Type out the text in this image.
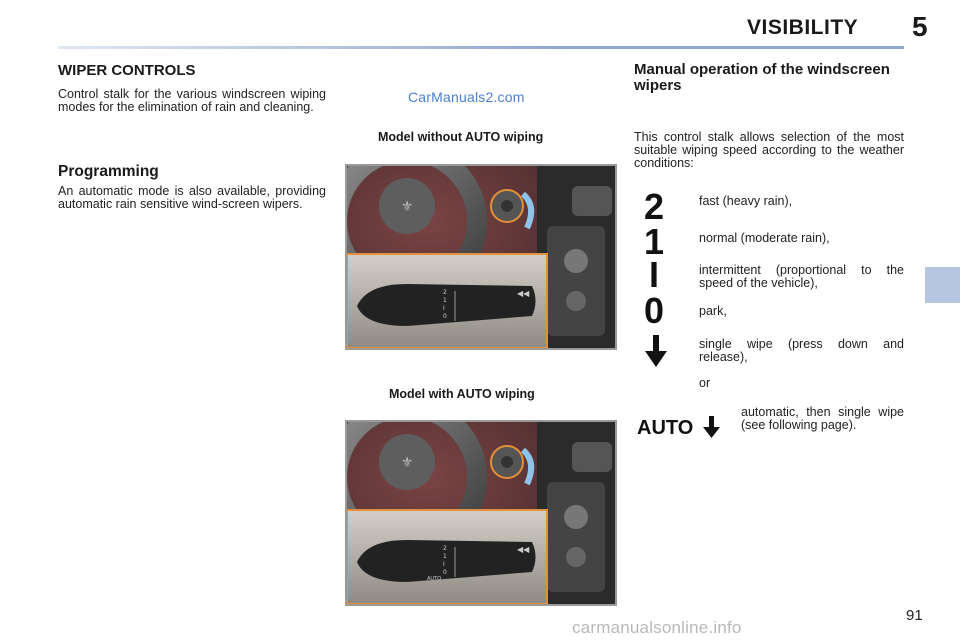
VISIBILITY 5
WIPER CONTROLS
Control stalk for the various windscreen wiping modes for the elimination of rain and cleaning.
Programming
An automatic mode is also available, providing automatic rain sensitive wind-screen wipers.
CarManuals2.com
Model without AUTO wiping
Model with AUTO wiping
⚜
2
1
I
0
◀◀
⚜
2
1
I
0
AUTO
◀◀
Manual operation of the windscreen wipers
This control stalk allows selection of the most suitable wiping speed according to the weather conditions:
2
1
I
0
AUTO
fast (heavy rain),
normal (moderate rain),
intermittent (proportional to the speed of the vehicle),
park,
single wipe (press down and release),
or
automatic, then single wipe (see following page).
91
carmanualsonline.info
